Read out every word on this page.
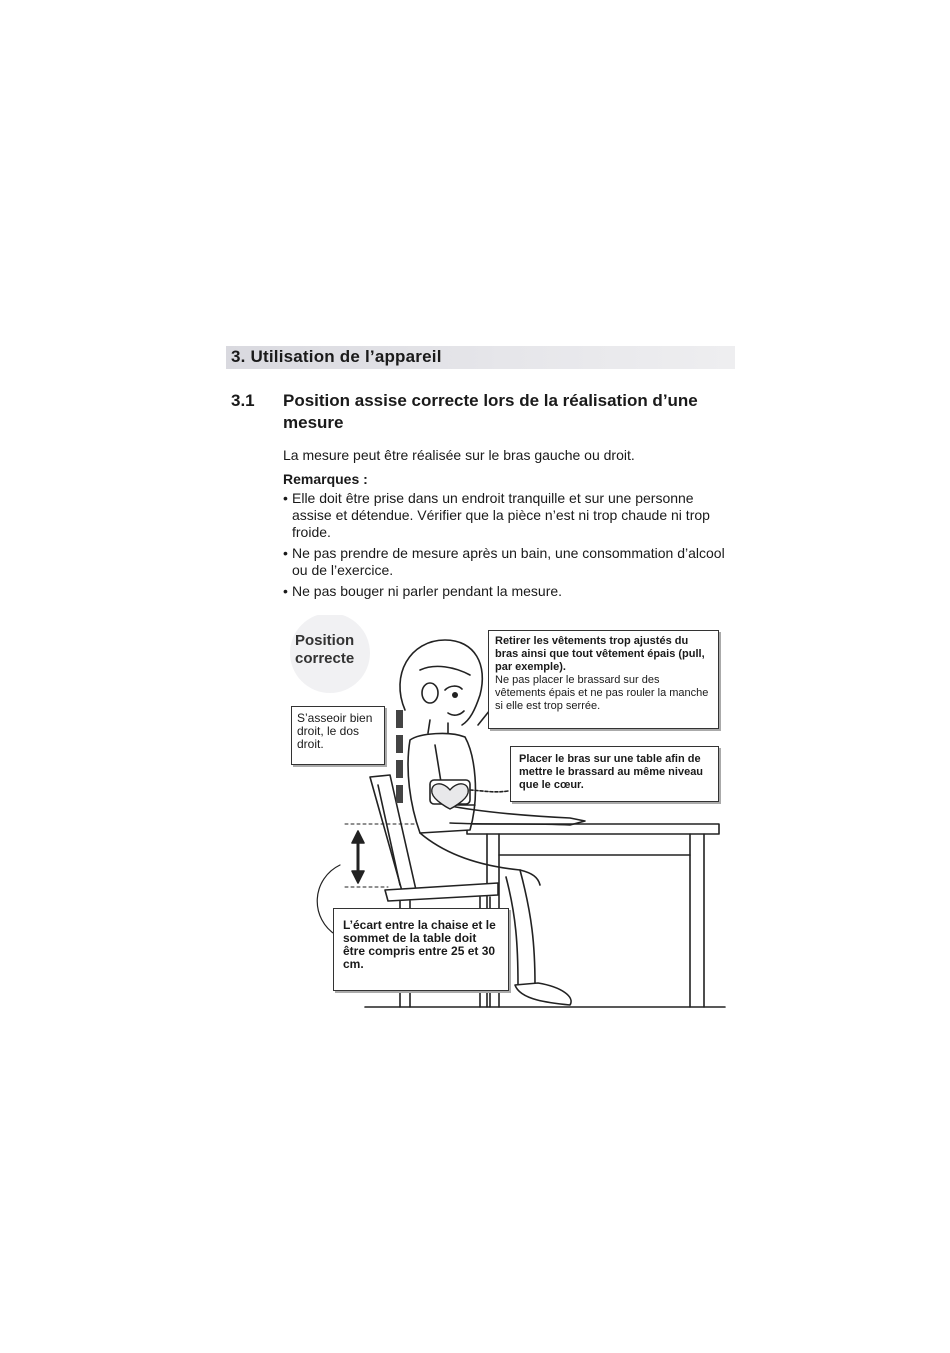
3. Utilisation de l’appareil
3.1 Position assise correcte lors de la réalisation d’une mesure
La mesure peut être réalisée sur le bras gauche ou droit.
Remarques :
• Elle doit être prise dans un endroit tranquille et sur une personne assise et détendue. Vérifier que la pièce n’est ni trop chaude ni trop froide.
• Ne pas prendre de mesure après un bain, une consommation d’alcool ou de l’exercice.
• Ne pas bouger ni parler pendant la mesure.
Position
correcte
Retirer les vêtements trop ajustés du bras ainsi que tout vêtement épais (pull, par exemple).
Ne pas placer le brassard sur des vêtements épais et ne pas rouler la manche si elle est trop serrée.
Placer le bras sur une table afin de mettre le brassard au même niveau que le cœur.
S’asseoir bien droit, le dos droit.
L’écart entre la chaise et le sommet de la table doit être compris entre 25 et 30 cm.
